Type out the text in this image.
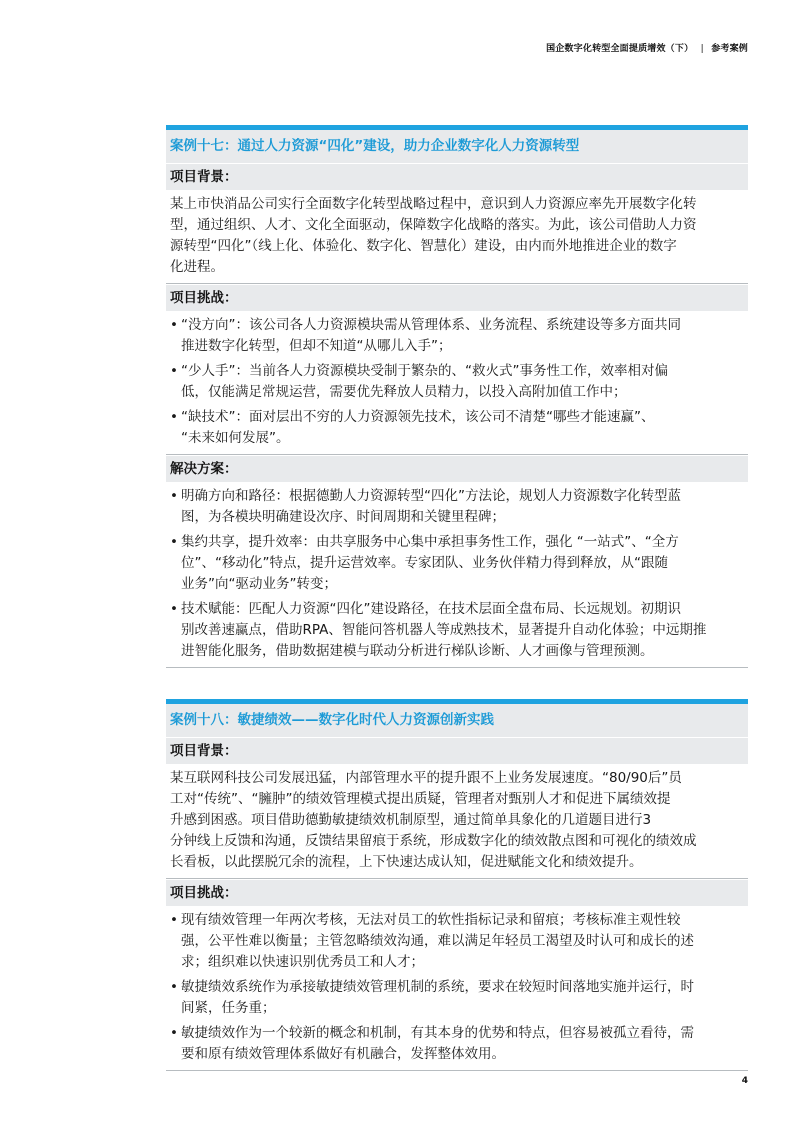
国企数字化转型全面提质增效（下） | 参考案例
案例十七：通过人力资源“四化”建设，助力企业数字化人力资源转型
项目背景：

某上市快消品公司实行全面数字化转型战略过程中，意识到人力资源应率先开展数字化转
型，通过组织、人才、文化全面驱动，保障数字化战略的落实。为此，该公司借助人力资
源转型“四化”（线上化、体验化、数字化、智慧化）建设，由内而外地推进企业的数字
化进程。

项目挑战：
• “没方向”：该公司各人力资源模块需从管理体系、业务流程、系统建设等多方面共同
推进数字化转型，但却不知道“从哪儿入手”；
• “少人手”：当前各人力资源模块受制于繁杂的、“救火式”事务性工作，效率相对偏
低，仅能满足常规运营，需要优先释放人员精力，以投入高附加值工作中；
• “缺技术”：面对层出不穷的人力资源领先技术，该公司不清楚“哪些才能速赢”、
“未来如何发展”。
解决方案：
• 明确方向和路径：根据德勤人力资源转型“四化”方法论，规划人力资源数字化转型蓝
图，为各模块明确建设次序、时间周期和关键里程碑；
• 集约共享，提升效率：由共享服务中心集中承担事务性工作，强化 “一站式”、“全方
位”、“移动化”特点，提升运营效率。专家团队、业务伙伴精力得到释放，从“跟随
业务”向“驱动业务”转变；
• 技术赋能：匹配人力资源“四化”建设路径，在技术层面全盘布局、长远规划。初期识
别改善速赢点，借助RPA、智能问答机器人等成熟技术，显著提升自动化体验；中远期推
进智能化服务，借助数据建模与联动分析进行梯队诊断、人才画像与管理预测。
案例十八：敏捷绩效——数字化时代人力资源创新实践
项目背景：

某互联网科技公司发展迅猛，内部管理水平的提升跟不上业务发展速度。“80/90后”员
工对“传统”、“臃肿”的绩效管理模式提出质疑，管理者对甄别人才和促进下属绩效提
升感到困惑。项目借助德勤敏捷绩效机制原型，通过简单具象化的几道题目进行3
分钟线上反馈和沟通，反馈结果留痕于系统，形成数字化的绩效散点图和可视化的绩效成
长看板，以此摆脱冗余的流程，上下快速达成认知，促进赋能文化和绩效提升。

项目挑战：
• 现有绩效管理一年两次考核，无法对员工的软性指标记录和留痕；考核标准主观性较
强，公平性难以衡量；主管忽略绩效沟通，难以满足年轻员工渴望及时认可和成长的述
求；组织难以快速识别优秀员工和人才；
• 敏捷绩效系统作为承接敏捷绩效管理机制的系统，要求在较短时间落地实施并运行，时
间紧，任务重；
• 敏捷绩效作为一个较新的概念和机制，有其本身的优势和特点，但容易被孤立看待，需
要和原有绩效管理体系做好有机融合，发挥整体效用。
4
